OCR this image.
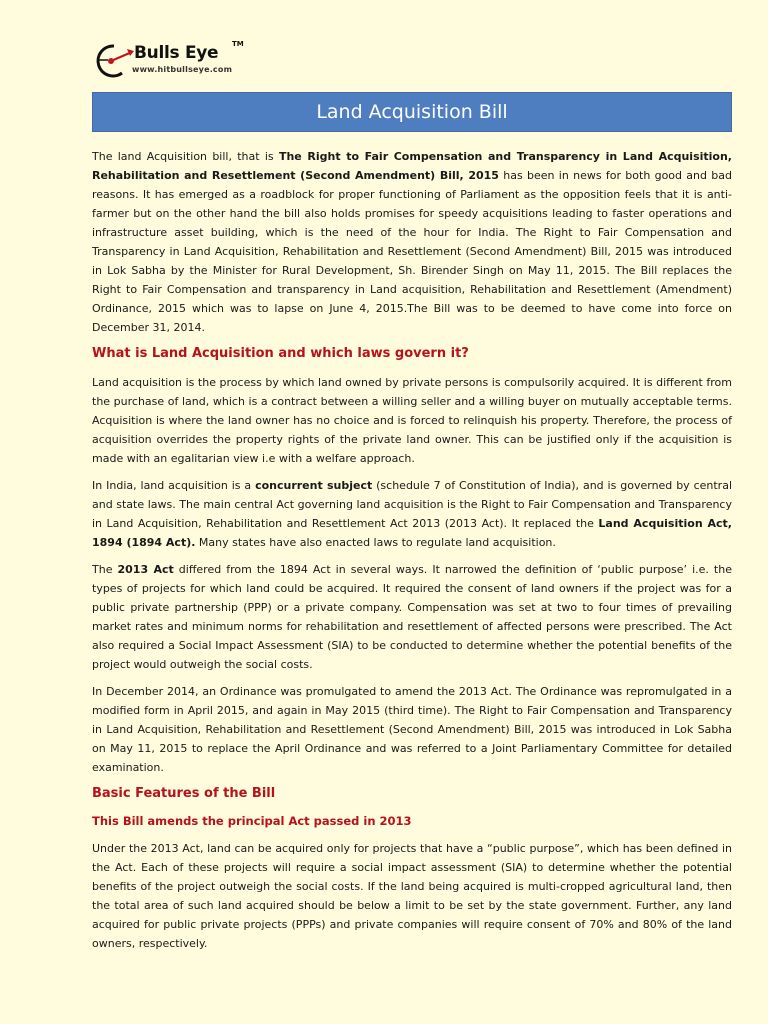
Bulls Eye TM
www.hitbullseye.com
Land Acquisition Bill

The land Acquisition bill, that is The Right to Fair Compensation and Transparency in Land Acquisition, Rehabilitation and Resettlement (Second Amendment) Bill, 2015 has been in news for both good and bad reasons. It has emerged as a roadblock for proper functioning of Parliament as the opposition feels that it is anti-farmer but on the other hand the bill also holds promises for speedy acquisitions leading to faster operations and infrastructure asset building, which is the need of the hour for India. The Right to Fair Compensation and Transparency in Land Acquisition, Rehabilitation and Resettlement (Second Amendment) Bill, 2015 was introduced in Lok Sabha by the Minister for Rural Development, Sh. Birender Singh on May 11, 2015. The Bill replaces the Right to Fair Compensation and transparency in Land acquisition, Rehabilitation and Resettlement (Amendment) Ordinance, 2015 which was to lapse on June 4, 2015.The Bill was to be deemed to have come into force on December 31, 2014.

What is Land Acquisition and which laws govern it?

Land acquisition is the process by which land owned by private persons is compulsorily acquired. It is different from the purchase of land, which is a contract between a willing seller and a willing buyer on mutually acceptable terms. Acquisition is where the land owner has no choice and is forced to relinquish his property. Therefore, the process of acquisition overrides the property rights of the private land owner. This can be justified only if the acquisition is made with an egalitarian view i.e with a welfare approach.

In India, land acquisition is a concurrent subject (schedule 7 of Constitution of India), and is governed by central and state laws. The main central Act governing land acquisition is the Right to Fair Compensation and Transparency in Land Acquisition, Rehabilitation and Resettlement Act 2013 (2013 Act). It replaced the Land Acquisition Act, 1894 (1894 Act). Many states have also enacted laws to regulate land acquisition.

The 2013 Act differed from the 1894 Act in several ways. It narrowed the definition of ‘public purpose’ i.e. the types of projects for which land could be acquired. It required the consent of land owners if the project was for a public private partnership (PPP) or a private company. Compensation was set at two to four times of prevailing market rates and minimum norms for rehabilitation and resettlement of affected persons were prescribed. The Act also required a Social Impact Assessment (SIA) to be conducted to determine whether the potential benefits of the project would outweigh the social costs.

In December 2014, an Ordinance was promulgated to amend the 2013 Act. The Ordinance was repromulgated in a modified form in April 2015, and again in May 2015 (third time). The Right to Fair Compensation and Transparency in Land Acquisition, Rehabilitation and Resettlement (Second Amendment) Bill, 2015 was introduced in Lok Sabha on May 11, 2015 to replace the April Ordinance and was referred to a Joint Parliamentary Committee for detailed examination.

Basic Features of the Bill
This Bill amends the principal Act passed in 2013

Under the 2013 Act, land can be acquired only for projects that have a “public purpose”, which has been defined in the Act. Each of these projects will require a social impact assessment (SIA) to determine whether the potential benefits of the project outweigh the social costs. If the land being acquired is multi-cropped agricultural land, then the total area of such land acquired should be below a limit to be set by the state government. Further, any land acquired for public private projects (PPPs) and private companies will require consent of 70% and 80% of the land owners, respectively.
